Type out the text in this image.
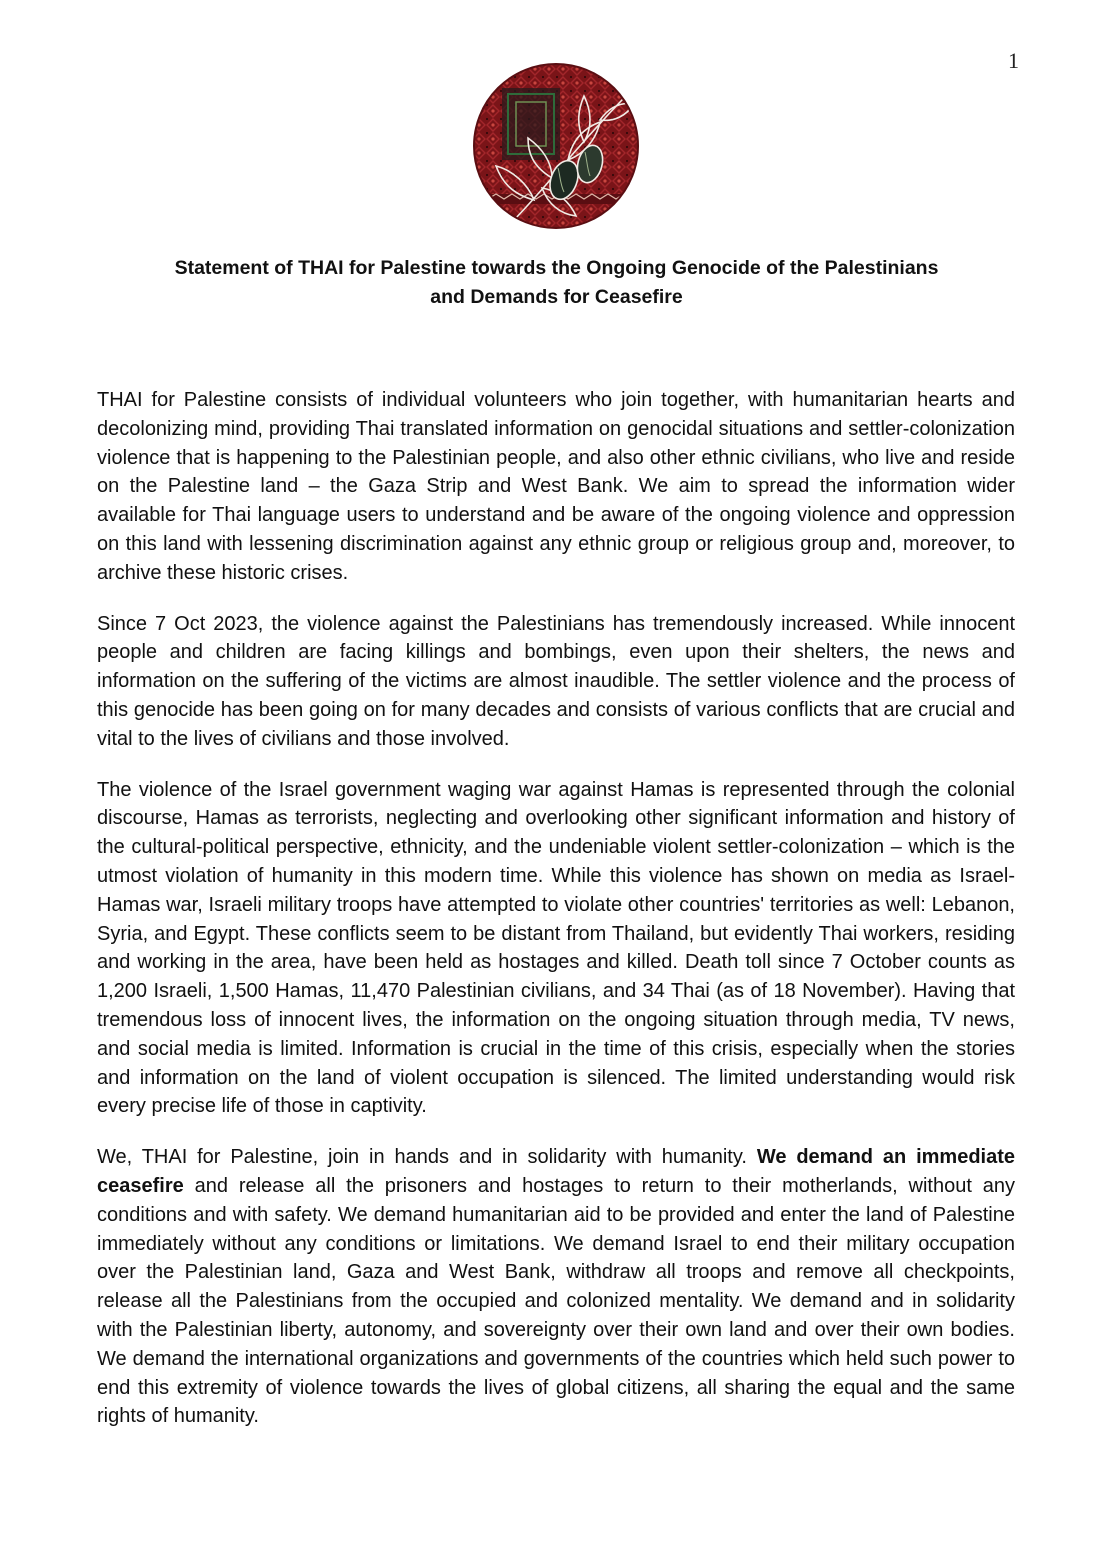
1
Statement of THAI for Palestine towards the Ongoing Genocide of the Palestinians
and Demands for Ceasefire

THAI for Palestine consists of individual volunteers who join together, with humanitarian hearts and decolonizing mind, providing Thai translated information on genocidal situations and settler-colonization violence that is happening to the Palestinian people, and also other ethnic civilians, who live and reside on the Palestine land – the Gaza Strip and West Bank. We aim to spread the information wider available for Thai language users to understand and be aware of the ongoing violence and oppression on this land with lessening discrimination against any ethnic group or religious group and, moreover, to archive these historic crises.

Since 7 Oct 2023, the violence against the Palestinians has tremendously increased. While innocent people and children are facing killings and bombings, even upon their shelters, the news and information on the suffering of the victims are almost inaudible. The settler violence and the process of this genocide has been going on for many decades and consists of various conflicts that are crucial and vital to the lives of civilians and those involved.

The violence of the Israel government waging war against Hamas is represented through the colonial discourse, Hamas as terrorists, neglecting and overlooking other significant information and history of the cultural-political perspective, ethnicity, and the undeniable violent settler-colonization – which is the utmost violation of humanity in this modern time. While this violence has shown on media as Israel-Hamas war, Israeli military troops have attempted to violate other countries' territories as well: Lebanon, Syria, and Egypt. These conflicts seem to be distant from Thailand, but evidently Thai workers, residing and working in the area, have been held as hostages and killed. Death toll since 7 October counts as 1,200 Israeli, 1,500 Hamas, 11,470 Palestinian civilians, and 34 Thai (as of 18 November). Having that tremendous loss of innocent lives, the information on the ongoing situation through media, TV news, and social media is limited. Information is crucial in the time of this crisis, especially when the stories and information on the land of violent occupation is silenced. The limited understanding would risk every precise life of those in captivity.

We, THAI for Palestine, join in hands and in solidarity with humanity. We demand an immediate ceasefire and release all the prisoners and hostages to return to their motherlands, without any conditions and with safety. We demand humanitarian aid to be provided and enter the land of Palestine immediately without any conditions or limitations. We demand Israel to end their military occupation over the Palestinian land, Gaza and West Bank, withdraw all troops and remove all checkpoints, release all the Palestinians from the occupied and colonized mentality. We demand and in solidarity with the Palestinian liberty, autonomy, and sovereignty over their own land and over their own bodies. We demand the international organizations and governments of the countries which held such power to end this extremity of violence towards the lives of global citizens, all sharing the equal and the same rights of humanity.
